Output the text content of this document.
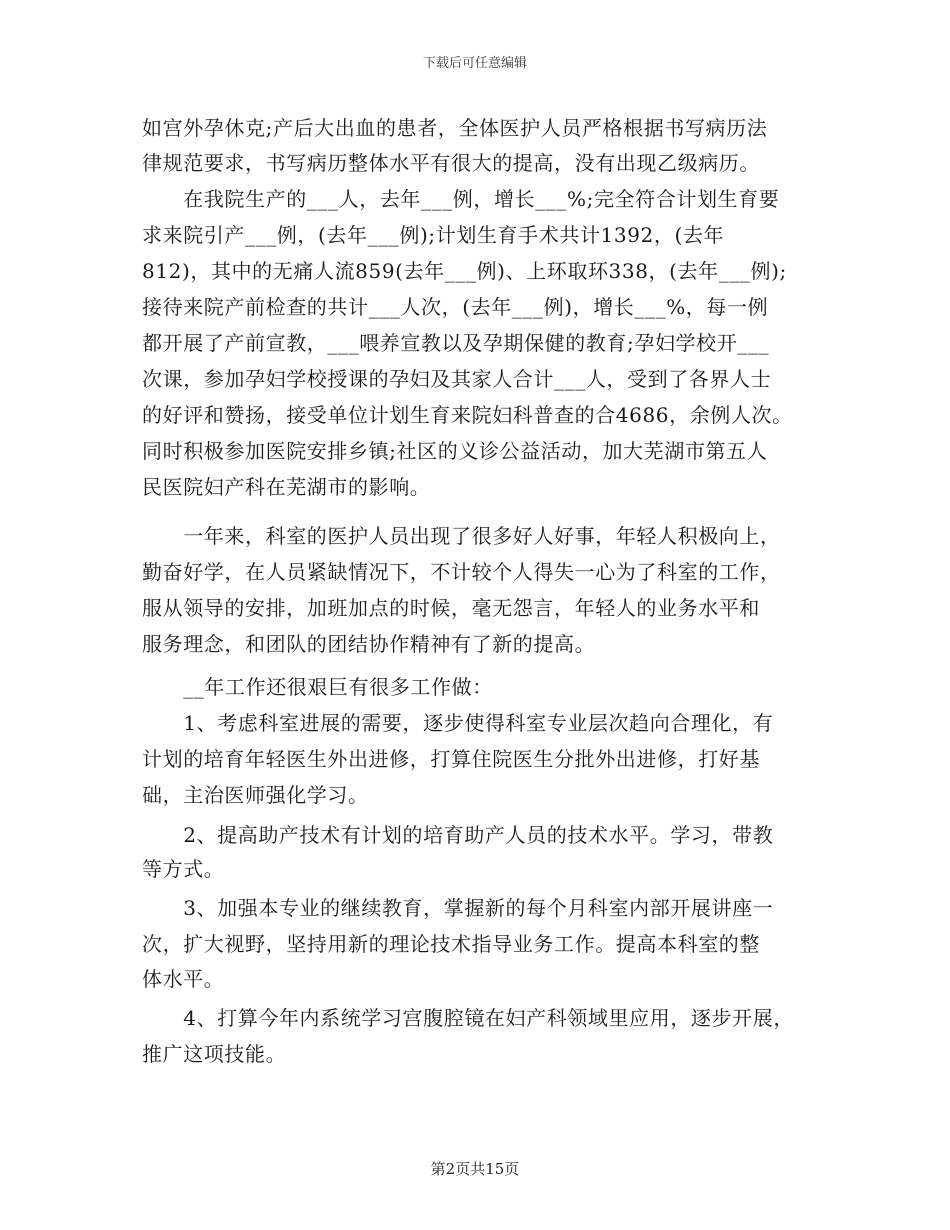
下载后可任意编辑
如宫外孕休克;产后大出血的患者，全体医护人员严格根据书写病历法
律规范要求，书写病历整体水平有很大的提高，没有出现乙级病历。
　　在我院生产的___人，去年___例，增长___%;完全符合计划生育要
求来院引产___例，(去年___例);计划生育手术共计1392，(去年
812)，其中的无痛人流859(去年___例)、上环取环338，(去年___例);
接待来院产前检查的共计___人次，(去年___例)，增长___%，每一例
都开展了产前宣教，___喂养宣教以及孕期保健的教育;孕妇学校开___
次课，参加孕妇学校授课的孕妇及其家人合计___人，受到了各界人士
的好评和赞扬，接受单位计划生育来院妇科普查的合4686，余例人次。
同时积极参加医院安排乡镇;社区的义诊公益活动，加大芜湖市第五人
民医院妇产科在芜湖市的影响。
　　一年来，科室的医护人员出现了很多好人好事，年轻人积极向上，
勤奋好学，在人员紧缺情况下，不计较个人得失一心为了科室的工作，
服从领导的安排，加班加点的时候，毫无怨言，年轻人的业务水平和
服务理念，和团队的团结协作精神有了新的提高。
　　__年工作还很艰巨有很多工作做：
　　1、考虑科室进展的需要，逐步使得科室专业层次趋向合理化，有
计划的培育年轻医生外出进修，打算住院医生分批外出进修，打好基
础，主治医师强化学习。
　　2、提高助产技术有计划的培育助产人员的技术水平。学习，带教
等方式。
　　3、加强本专业的继续教育，掌握新的每个月科室内部开展讲座一
次，扩大视野，坚持用新的理论技术指导业务工作。提高本科室的整
体水平。
　　4、打算今年内系统学习宫腹腔镜在妇产科领域里应用，逐步开展，
推广这项技能。
第2页共15页
